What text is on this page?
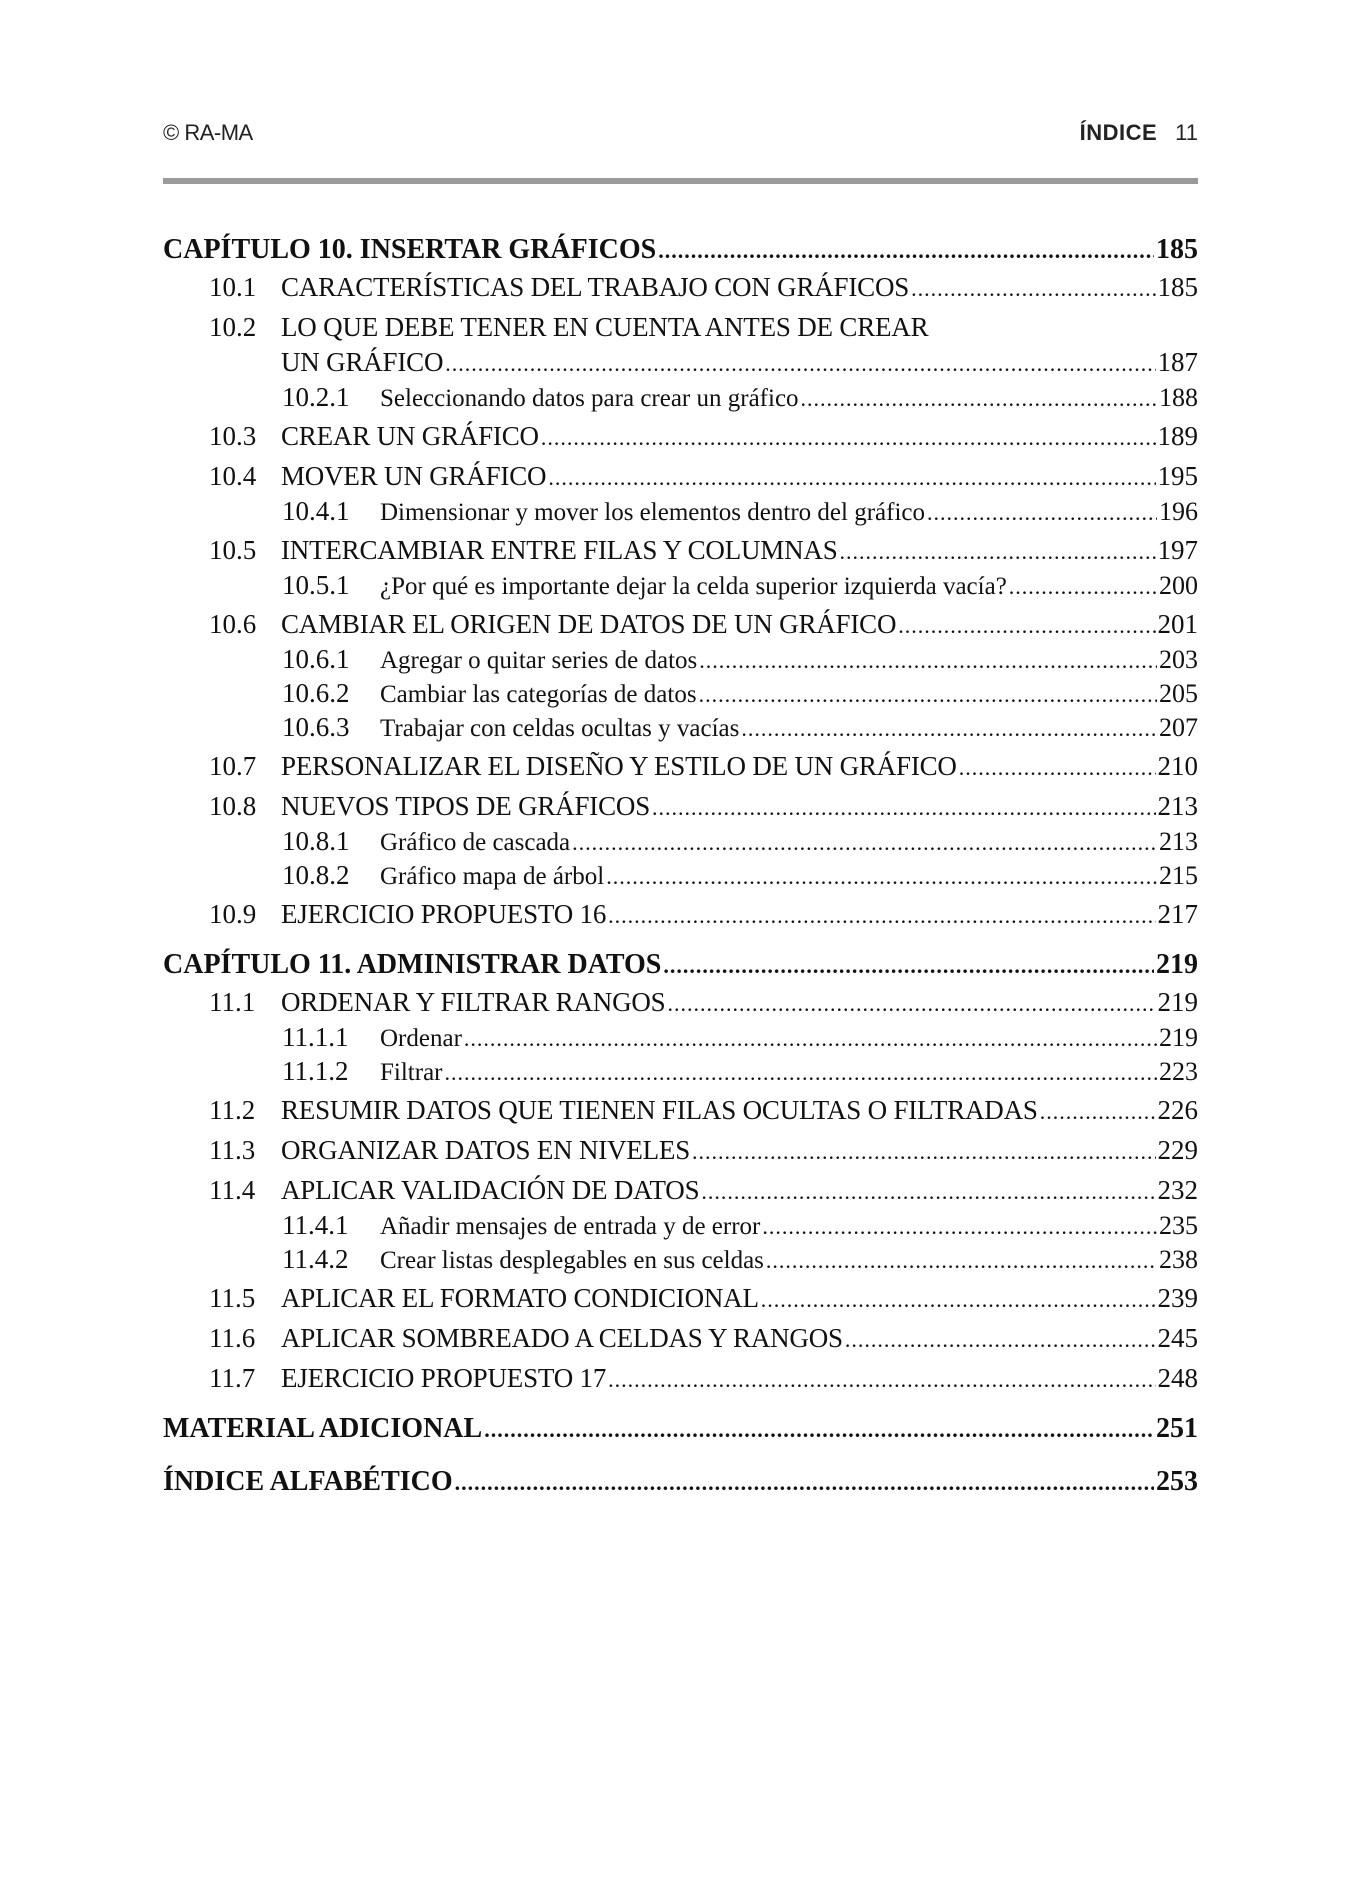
© RA-MA	ÍNDICE 11
CAPÍTULO 10. INSERTAR GRÁFICOS .....	185
10.1 CARACTERÍSTICAS DEL TRABAJO CON GRÁFICOS .....	185
10.2 LO QUE DEBE TENER EN CUENTA ANTES DE CREAR
UN GRÁFICO .....	187
10.2.1	Seleccionando datos para crear un gráfico .....	188
10.3 CREAR UN GRÁFICO .....	189
10.4 MOVER UN GRÁFICO .....	195
10.4.1	Dimensionar y mover los elementos dentro del gráfico .....	196
10.5 INTERCAMBIAR ENTRE FILAS Y COLUMNAS .....	197
10.5.1	¿Por qué es importante dejar la celda superior izquierda vacía? .....	200
10.6 CAMBIAR EL ORIGEN DE DATOS DE UN GRÁFICO .....	201
10.6.1	Agregar o quitar series de datos .....	203
10.6.2	Cambiar las categorías de datos .....	205
10.6.3	Trabajar con celdas ocultas y vacías .....	207
10.7 PERSONALIZAR EL DISEÑO Y ESTILO DE UN GRÁFICO .....	210
10.8 NUEVOS TIPOS DE GRÁFICOS .....	213
10.8.1	Gráfico de cascada .....	213
10.8.2	Gráfico mapa de árbol .....	215
10.9 EJERCICIO PROPUESTO 16 .....	217
CAPÍTULO 11. ADMINISTRAR DATOS .....	219
11.1 ORDENAR Y FILTRAR RANGOS .....	219
11.1.1	Ordenar .....	219
11.1.2	Filtrar .....	223
11.2 RESUMIR DATOS QUE TIENEN FILAS OCULTAS O FILTRADAS .....	226
11.3 ORGANIZAR DATOS EN NIVELES .....	229
11.4 APLICAR VALIDACIÓN DE DATOS .....	232
11.4.1	Añadir mensajes de entrada y de error .....	235
11.4.2	Crear listas desplegables en sus celdas .....	238
11.5 APLICAR EL FORMATO CONDICIONAL .....	239
11.6 APLICAR SOMBREADO A CELDAS Y RANGOS .....	245
11.7 EJERCICIO PROPUESTO 17 .....	248
MATERIAL ADICIONAL .....	251
ÍNDICE ALFABÉTICO .....	253
